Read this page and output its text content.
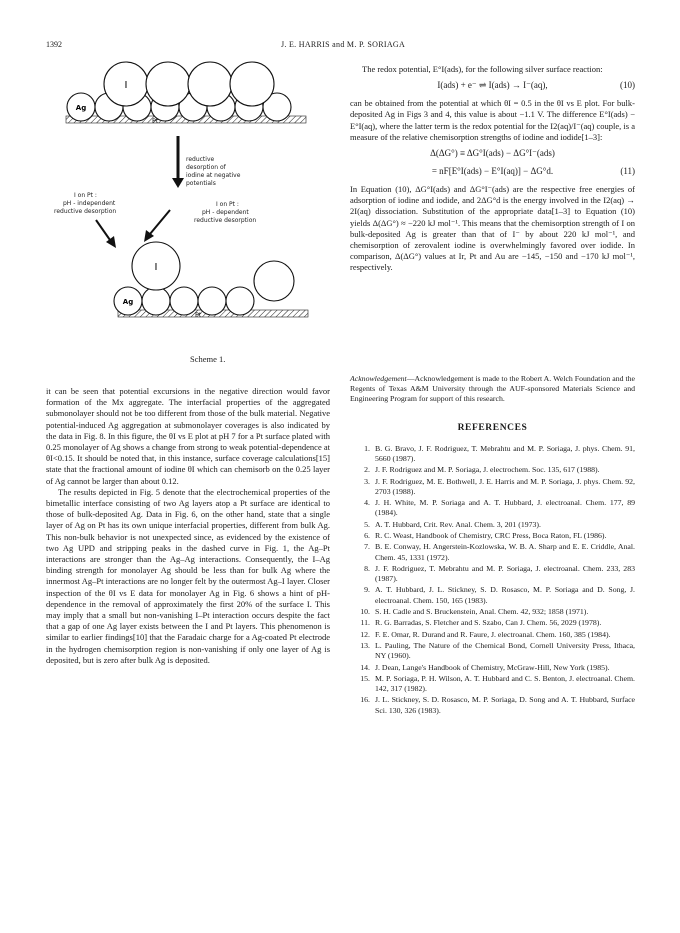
1392	J. E. HARRIS and M. P. SORIAGA
I
Ag
Pt
reductive
desorption of
iodine at negative
potentials
I on Pt :
pH - independent
reductive desorption
I on Pt :
pH - dependent
reductive desorption
I
Ag
Pt
Scheme 1.

it can be seen that potential excursions in the negative direction would favor formation of the Mx aggregate. The interfacial properties of the aggregated submonolayer should not be too different from those of the bulk material. Negative potential-induced Ag aggregation at submonolayer coverages is also indicated by the data in Fig. 8. In this figure, the θI vs E plot at pH 7 for a Pt surface plated with 0.25 monolayer of Ag shows a change from strong to weak potential-dependence at θI<0.15. It should be noted that, in this instance, surface coverage calculations[15] state that the fractional amount of iodine θI which can chemisorb on the 0.25 layer of Ag cannot be larger than about 0.12.

The results depicted in Fig. 5 denote that the electrochemical properties of the bimetallic interface consisting of two Ag layers atop a Pt surface are identical to those of bulk-deposited Ag. Data in Fig. 6, on the other hand, state that a single layer of Ag on Pt has its own unique interfacial properties, different from bulk Ag. This non-bulk behavior is not unexpected since, as evidenced by the existence of two Ag UPD and stripping peaks in the dashed curve in Fig. 1, the Ag–Pt interactions are stronger than the Ag–Ag interactions. Consequently, the I–Ag binding strength for monolayer Ag should be less than for bulk Ag where the innermost Ag–Pt interactions are no longer felt by the outermost Ag–I layer. Closer inspection of the θI vs E data for monolayer Ag in Fig. 6 shows a hint of pH-dependence in the removal of approximately the first 20% of the surface I. This may imply that a small but non-vanishing I–Pt interaction occurs despite the fact that a gap of one Ag layer exists between the I and Pt layers. This phenomenon is similar to earlier findings[10] that the Faradaic charge for a Ag-coated Pt electrode in the hydrogen chemisorption region is non-vanishing if only one layer of Ag is deposited, but is zero after bulk Ag is deposited.

The redox potential, E°I(ads), for the following silver surface reaction:

I(ads) + e⁻ ⇌ I(ads) → I⁻(aq),	(10)

can be obtained from the potential at which θI = 0.5 in the θI vs E plot. For bulk-deposited Ag in Figs 3 and 4, this value is about −1.1 V. The difference E°I(ads) − E°I(aq), where the latter term is the redox potential for the I2(aq)/I⁻(aq) couple, is a measure of the relative chemisorption strengths of iodine and iodide[1–3]:

Δ(ΔG°) ≡ ΔG°I(ads) − ΔG°I⁻(ads)
= nF[E°I(ads) − E°I(aq)] − ΔG°d.	(11)

In Equation (10), ΔG°I(ads) and ΔG°I⁻(ads) are the respective free energies of adsorption of iodine and iodide, and 2ΔG°d is the energy involved in the I2(aq) → 2I(aq) dissociation. Substitution of the appropriate data[1–3] to Equation (10) yields Δ(ΔG°) ≈ −220 kJ mol⁻¹. This means that the chemisorption strength of I on bulk-deposited Ag is greater than that of I⁻ by about 220 kJ mol⁻¹, and chemisorption of zerovalent iodine is overwhelmingly favored over iodide. In comparison, Δ(ΔG°) values at Ir, Pt and Au are −145, −150 and −170 kJ mol⁻¹, respectively.

Acknowledgement—Acknowledgement is made to the Robert A. Welch Foundation and the Regents of Texas A&M University through the AUF-sponsored Materials Science and Engineering Program for support of this research.

REFERENCES
1. B. G. Bravo, J. F. Rodriguez, T. Mebrahtu and M. P. Soriaga, J. phys. Chem. 91, 5660 (1987).
2. J. F. Rodriguez and M. P. Soriaga, J. electrochem. Soc. 135, 617 (1988).
3. J. F. Rodriguez, M. E. Bothwell, J. E. Harris and M. P. Soriaga, J. phys. Chem. 92, 2703 (1988).
4. J. H. White, M. P. Soriaga and A. T. Hubbard, J. electroanal. Chem. 177, 89 (1984).
5. A. T. Hubbard, Crit. Rev. Anal. Chem. 3, 201 (1973).
6. R. C. Weast, Handbook of Chemistry, CRC Press, Boca Raton, FL (1986).
7. B. E. Conway, H. Angerstein-Kozlowska, W. B. A. Sharp and E. E. Criddle, Anal. Chem. 45, 1331 (1972).
8. J. F. Rodriguez, T. Mebrahtu and M. P. Soriaga, J. electroanal. Chem. 233, 283 (1987).
9. A. T. Hubbard, J. L. Stickney, S. D. Rosasco, M. P. Soriaga and D. Song, J. electroanal. Chem. 150, 165 (1983).
10. S. H. Cadle and S. Bruckenstein, Anal. Chem. 42, 932; 1858 (1971).
11. R. G. Barradas, S. Fletcher and S. Szabo, Can J. Chem. 56, 2029 (1978).
12. F. E. Omar, R. Durand and R. Faure, J. electroanal. Chem. 160, 385 (1984).
13. L. Pauling, The Nature of the Chemical Bond, Cornell University Press, Ithaca, NY (1960).
14. J. Dean, Lange's Handbook of Chemistry, McGraw-Hill, New York (1985).
15. M. P. Soriaga, P. H. Wilson, A. T. Hubbard and C. S. Benton, J. electroanal. Chem. 142, 317 (1982).
16. J. L. Stickney, S. D. Rosasco, M. P. Soriaga, D. Song and A. T. Hubbard, Surface Sci. 130, 326 (1983).
